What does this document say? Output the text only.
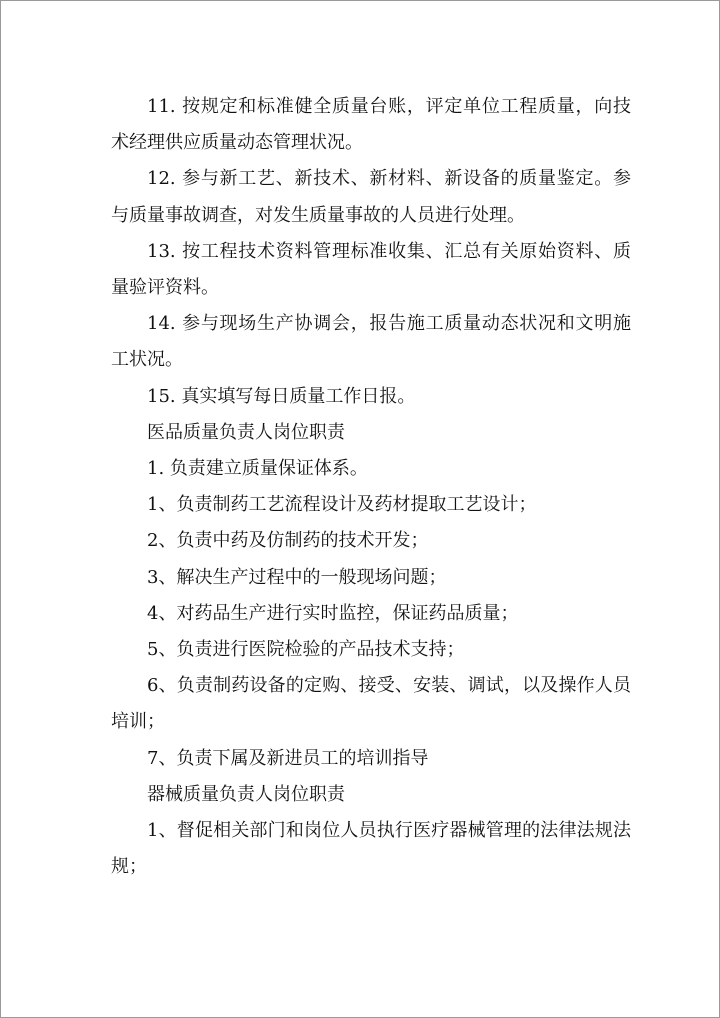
11. 按规定和标准健全质量台账，评定单位工程质量，向技术经理供应质量动态管理状况。

12. 参与新工艺、新技术、新材料、新设备的质量鉴定。参与质量事故调查，对发生质量事故的人员进行处理。

13. 按工程技术资料管理标准收集、汇总有关原始资料、质量验评资料。

14. 参与现场生产协调会，报告施工质量动态状况和文明施工状况。

15. 真实填写每日质量工作日报。

医品质量负责人岗位职责

1. 负责建立质量保证体系。

1、负责制药工艺流程设计及药材提取工艺设计；

2、负责中药及仿制药的技术开发；

3、解决生产过程中的一般现场问题；

4、对药品生产进行实时监控，保证药品质量；

5、负责进行医院检验的产品技术支持；

6、负责制药设备的定购、接受、安装、调试，以及操作人员培训；

7、负责下属及新进员工的培训指导

器械质量负责人岗位职责

1、督促相关部门和岗位人员执行医疗器械管理的法律法规法规；
